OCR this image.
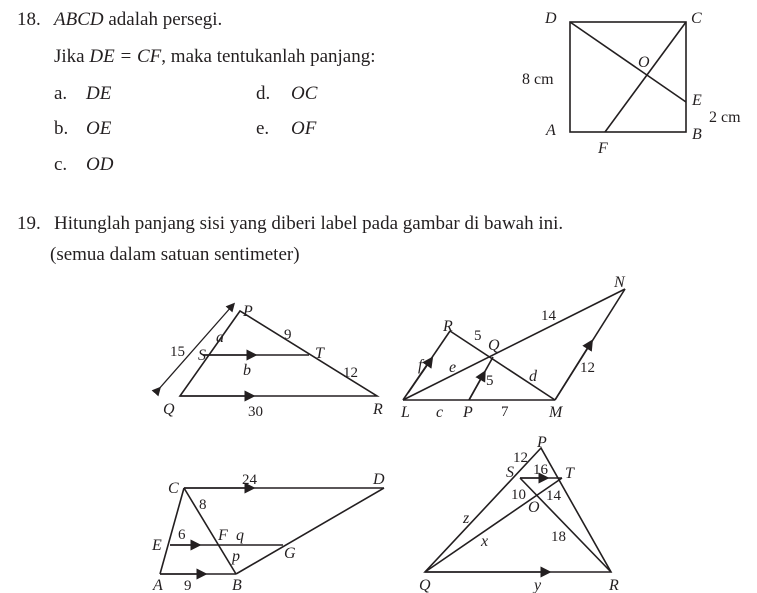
18. ABCD adalah persegi.
Jika DE = CF, maka tentukanlah panjang:
a. DE
b. OE
c. OD
d. OC
e. OF
19. Hitunglah panjang sisi yang diberi label pada gambar di bawah ini.
(semua dalam satuan sentimeter)
D	C
A	B
O
E
F
8 cm
2 cm
P
S	T
Q	R
a
b
15
9
12
30
N
R
Q
L	P	M
f e
c
d
5
5
14
12
7
C
D
E
F
G
A	B
p
q
24
8
6
9
P
S	T
O
Q	R
x
y
z
12
16
10 14
18
